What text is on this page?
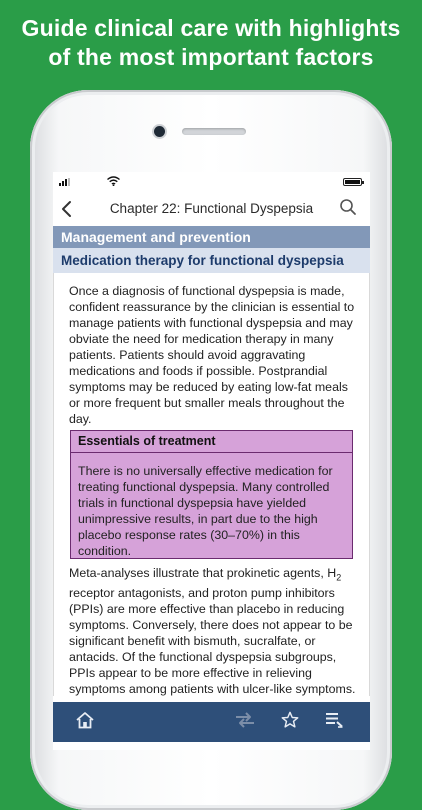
Guide clinical care with highlights
of the most important factors
Chapter 22: Functional Dyspepsia
Management and prevention
Medication therapy for functional dyspepsia

Once a diagnosis of functional dyspepsia is made, confident reassurance by the clinician is essential to manage patients with functional dyspepsia and may obviate the need for medication therapy in many patients. Patients should avoid aggravating medications and foods if possible. Postprandial symptoms may be reduced by eating low-fat meals or more frequent but smaller meals throughout the day.

Essentials of treatment

There is no universally effective medication for treating functional dyspepsia. Many controlled trials in functional dyspepsia have yielded unimpressive results, in part due to the high placebo response rates (30–70%) in this condition.

Meta-analyses illustrate that prokinetic agents, $H_2$ receptor antagonists, and proton pump inhibitors (PPIs) are more effective than placebo in reducing symptoms. Conversely, there does not appear to be significant benefit with bismuth, sucralfate, or antacids. Of the functional dyspepsia subgroups, PPIs appear to be more effective in relieving symptoms among patients with ulcer-like symptoms.
